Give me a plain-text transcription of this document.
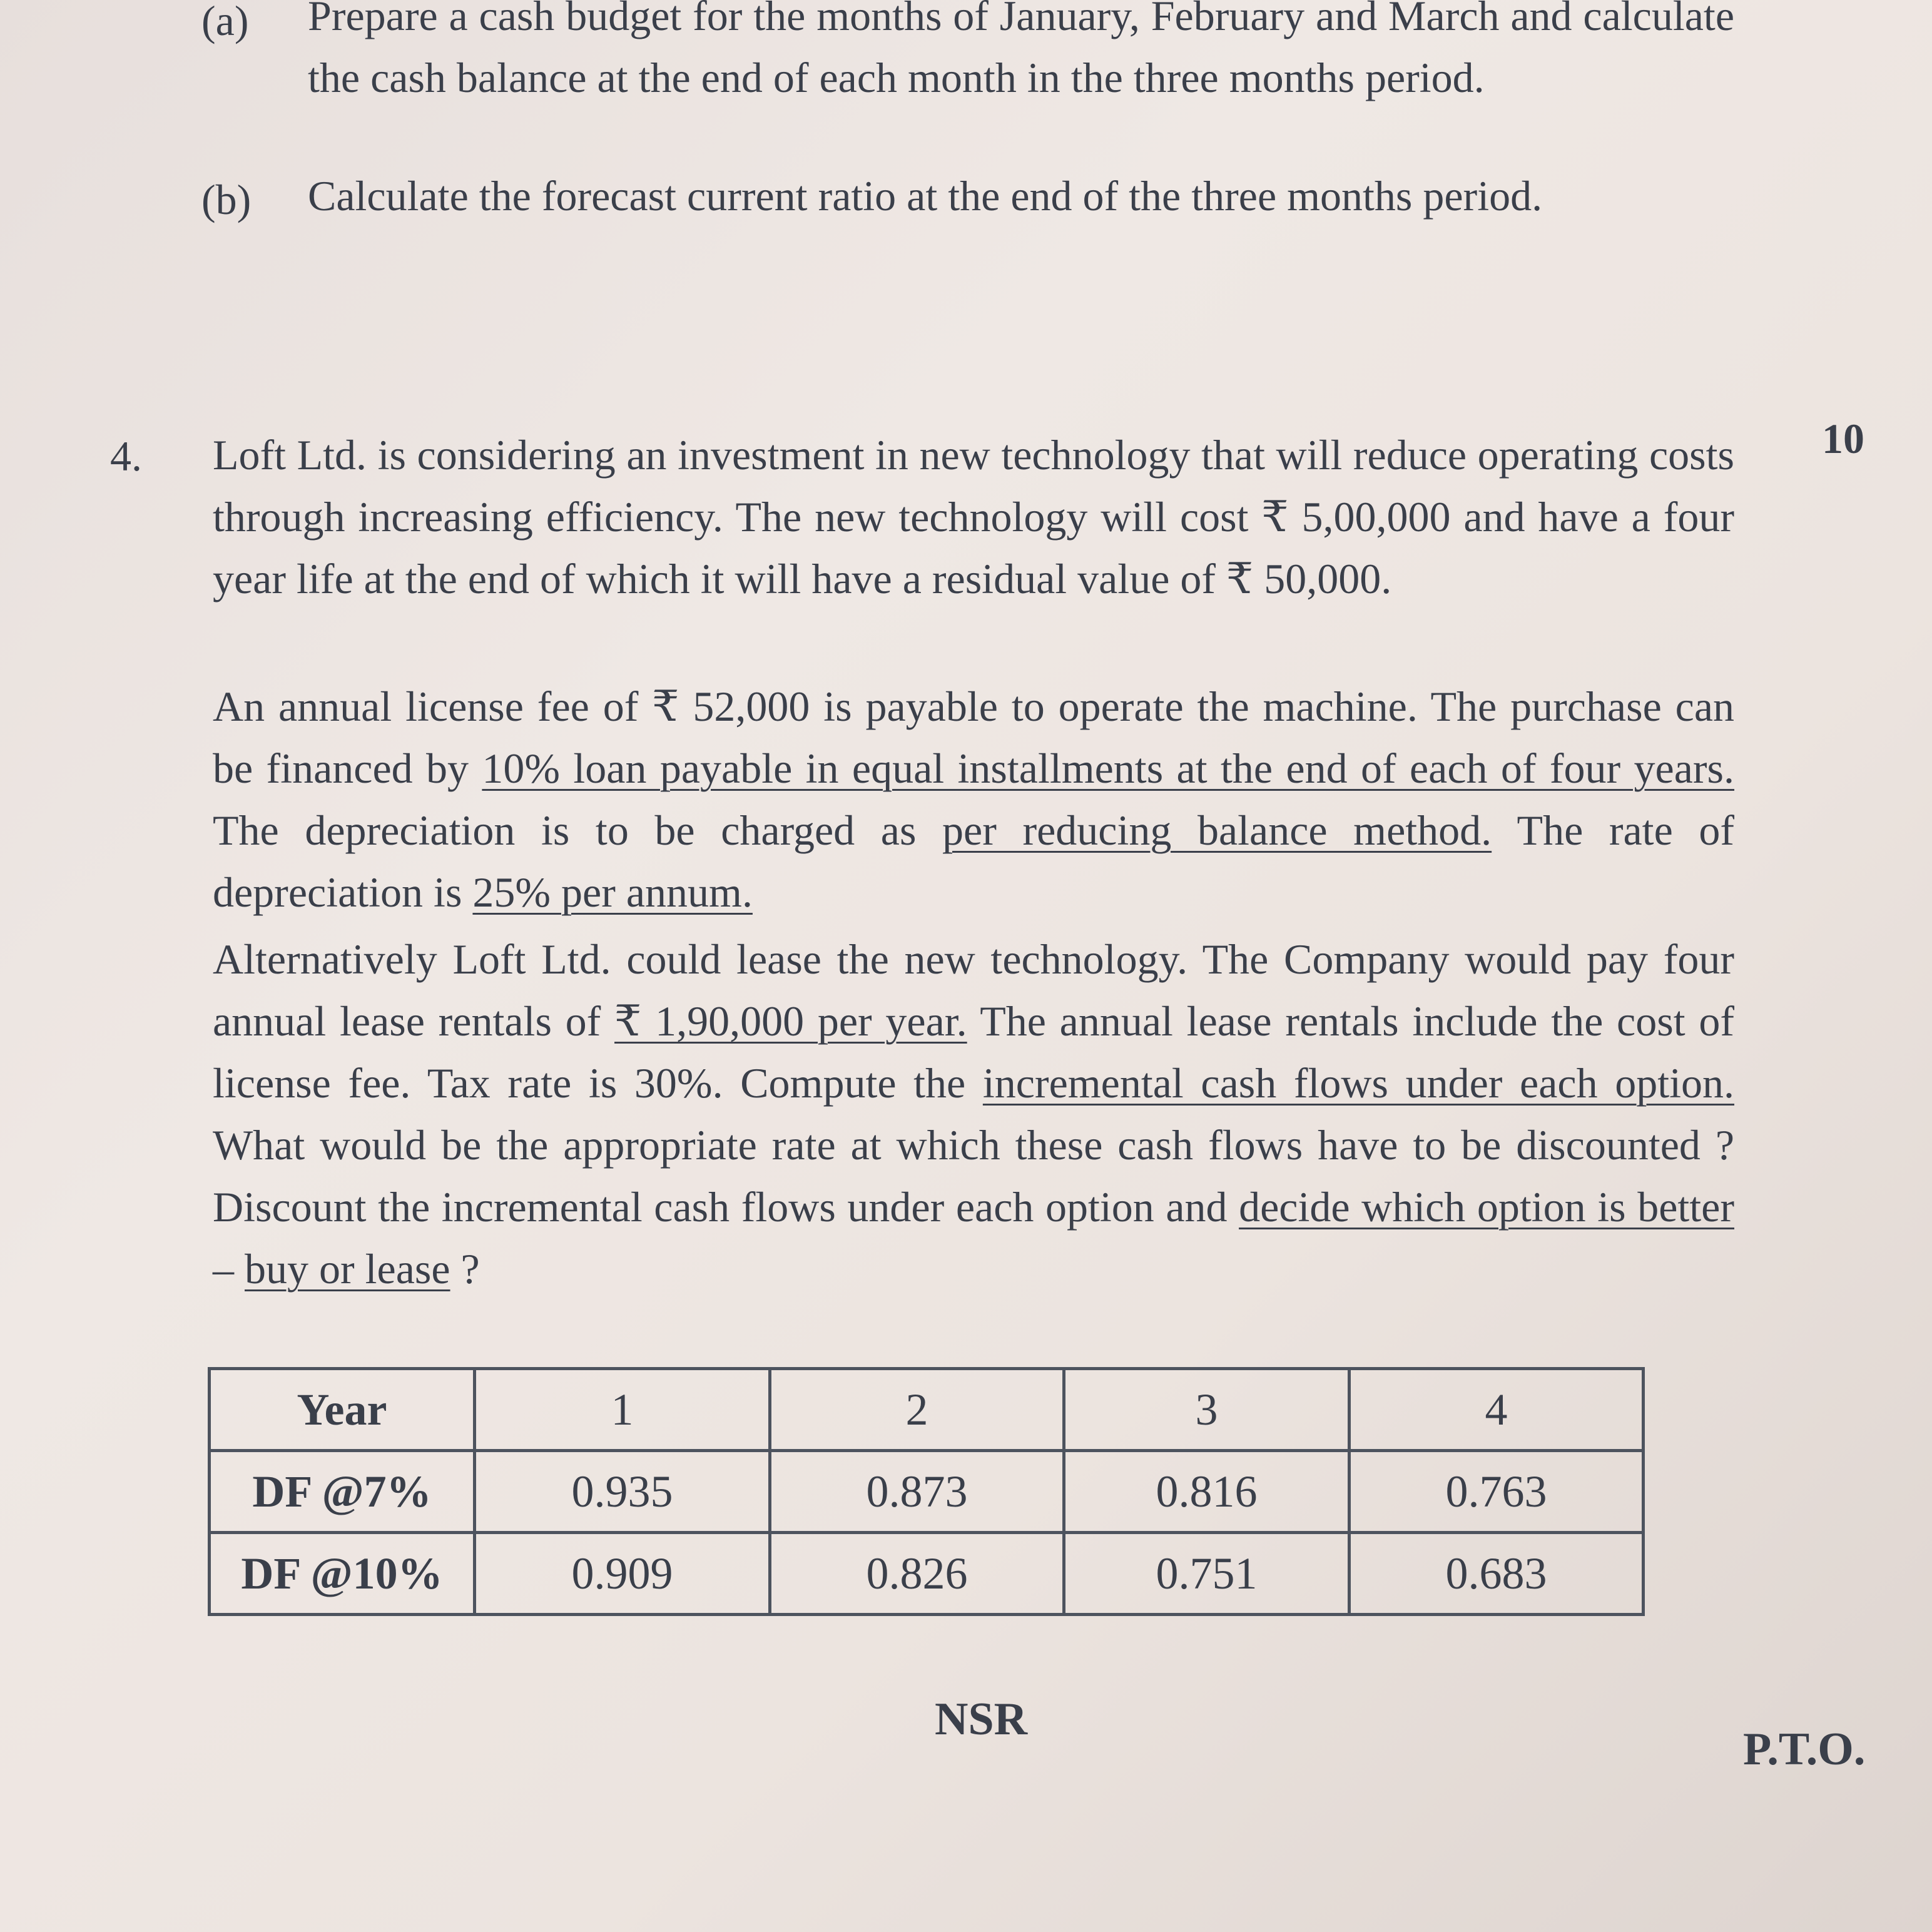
(a) Prepare a cash budget for the months of January, February and March and calculate the cash balance at the end of each month in the three months period.

(b) Calculate the forecast current ratio at the end of the three months period.

4.	10

Loft Ltd. is considering an investment in new technology that will reduce operating costs through increasing efficiency. The new technology will cost ₹ 5,00,000 and have a four year life at the end of which it will have a residual value of ₹ 50,000.

An annual license fee of ₹ 52,000 is payable to operate the machine. The purchase can be financed by 10% loan payable in equal installments at the end of each of four years. The depreciation is to be charged as per reducing balance method. The rate of depreciation is 25% per annum.

Alternatively Loft Ltd. could lease the new technology. The Company would pay four annual lease rentals of ₹ 1,90,000 per year. The annual lease rentals include the cost of license fee. Tax rate is 30%. Compute the incremental cash flows under each option. What would be the appropriate rate at which these cash flows have to be discounted ? Discount the incremental cash flows under each option and decide which option is better – buy or lease ?

Year	1	2	3	4
DF @7%	0.935	0.873	0.816	0.763
DF @10%	0.909	0.826	0.751	0.683
NSR
P.T.O.
